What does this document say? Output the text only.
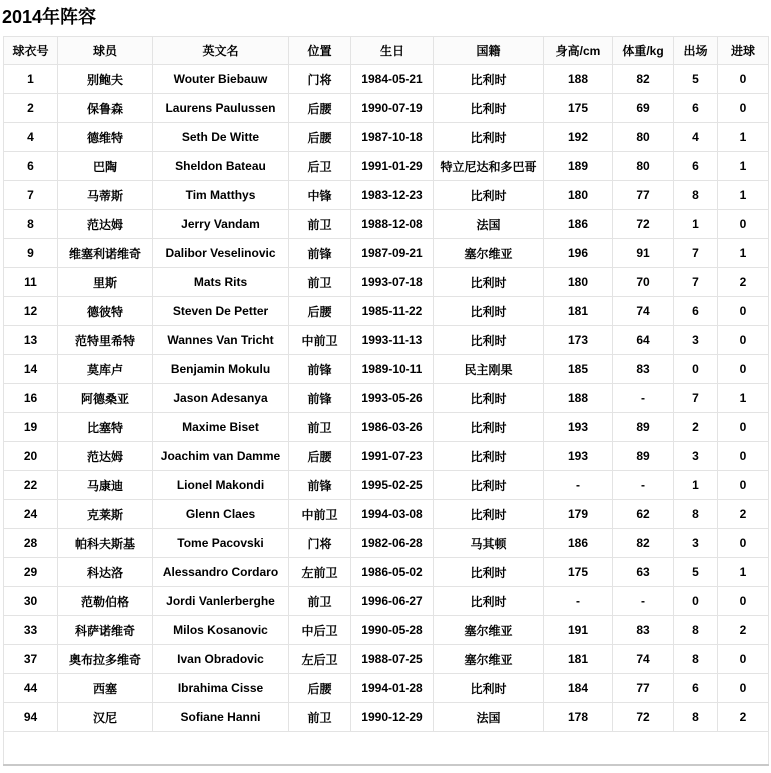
2014年阵容
球衣号	球员	英文名	位置	生日	国籍	身高/cm	体重/kg	出场	进球
1	别鲍夫	Wouter Biebauw	门将	1984-05-21	比利时	188	82	5	0
2	保鲁森	Laurens Paulussen	后腰	1990-07-19	比利时	175	69	6	0
4	德维特	Seth De Witte	后腰	1987-10-18	比利时	192	80	4	1
6	巴陶	Sheldon Bateau	后卫	1991-01-29	特立尼达和多巴哥	189	80	6	1
7	马蒂斯	Tim Matthys	中锋	1983-12-23	比利时	180	77	8	1
8	范达姆	Jerry Vandam	前卫	1988-12-08	法国	186	72	1	0
9	维塞利诺维奇	Dalibor Veselinovic	前锋	1987-09-21	塞尔维亚	196	91	7	1
11	里斯	Mats Rits	前卫	1993-07-18	比利时	180	70	7	2
12	德彼特	Steven De Petter	后腰	1985-11-22	比利时	181	74	6	0
13	范特里希特	Wannes Van Tricht	中前卫	1993-11-13	比利时	173	64	3	0
14	莫库卢	Benjamin Mokulu	前锋	1989-10-11	民主刚果	185	83	0	0
16	阿德桑亚	Jason Adesanya	前锋	1993-05-26	比利时	188	-	7	1
19	比塞特	Maxime Biset	前卫	1986-03-26	比利时	193	89	2	0
20	范达姆	Joachim van Damme	后腰	1991-07-23	比利时	193	89	3	0
22	马康迪	Lionel Makondi	前锋	1995-02-25	比利时	-	-	1	0
24	克莱斯	Glenn Claes	中前卫	1994-03-08	比利时	179	62	8	2
28	帕科夫斯基	Tome Pacovski	门将	1982-06-28	马其顿	186	82	3	0
29	科达洛	Alessandro Cordaro	左前卫	1986-05-02	比利时	175	63	5	1
30	范勒伯格	Jordi Vanlerberghe	前卫	1996-06-27	比利时	-	-	0	0
33	科萨诺维奇	Milos Kosanovic	中后卫	1990-05-28	塞尔维亚	191	83	8	2
37	奥布拉多维奇	Ivan Obradovic	左后卫	1988-07-25	塞尔维亚	181	74	8	0
44	西塞	Ibrahima Cisse	后腰	1994-01-28	比利时	184	77	6	0
94	汉尼	Sofiane Hanni	前卫	1990-12-29	法国	178	72	8	2
